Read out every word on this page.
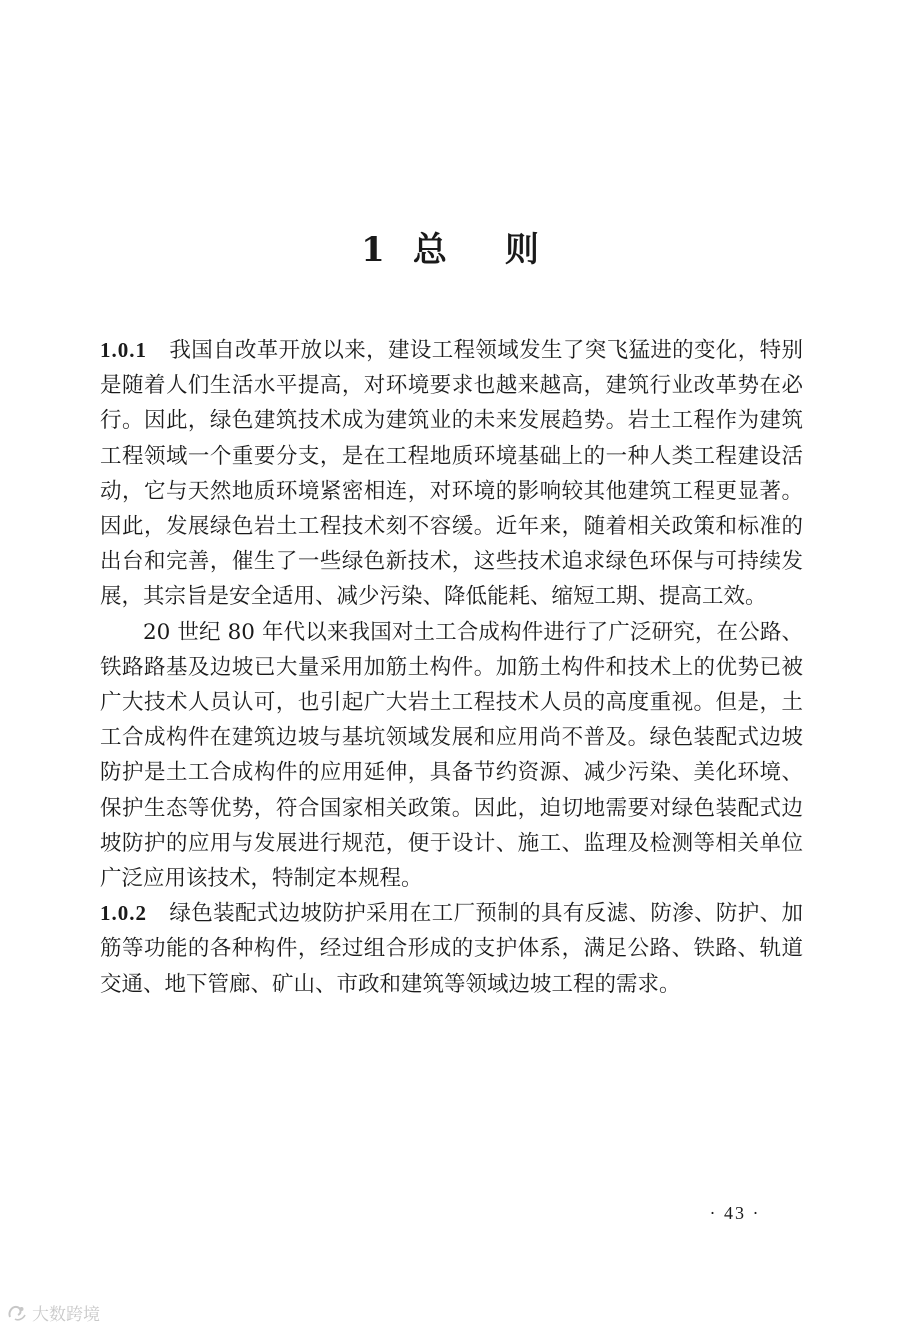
1 总 则

1.0.1 我国自改革开放以来，建设工程领域发生了突飞猛进的变化，特别是随着人们生活水平提高，对环境要求也越来越高，建筑行业改革势在必行。因此，绿色建筑技术成为建筑业的未来发展趋势。岩土工程作为建筑工程领域一个重要分支，是在工程地质环境基础上的一种人类工程建设活动，它与天然地质环境紧密相连，对环境的影响较其他建筑工程更显著。因此，发展绿色岩土工程技术刻不容缓。近年来，随着相关政策和标准的出台和完善，催生了一些绿色新技术，这些技术追求绿色环保与可持续发展，其宗旨是安全适用、减少污染、降低能耗、缩短工期、提高工效。

20 世纪 80 年代以来我国对土工合成构件进行了广泛研究，在公路、铁路路基及边坡已大量采用加筋土构件。加筋土构件和技术上的优势已被广大技术人员认可，也引起广大岩土工程技术人员的高度重视。但是，土工合成构件在建筑边坡与基坑领域发展和应用尚不普及。绿色装配式边坡防护是土工合成构件的应用延伸，具备节约资源、减少污染、美化环境、保护生态等优势，符合国家相关政策。因此，迫切地需要对绿色装配式边坡防护的应用与发展进行规范，便于设计、施工、监理及检测等相关单位广泛应用该技术，特制定本规程。

1.0.2 绿色装配式边坡防护采用在工厂预制的具有反滤、防渗、防护、加筋等功能的各种构件，经过组合形成的支护体系，满足公路、铁路、轨道交通、地下管廊、矿山、市政和建筑等领域边坡工程的需求。

· 43 ·
大数跨境
